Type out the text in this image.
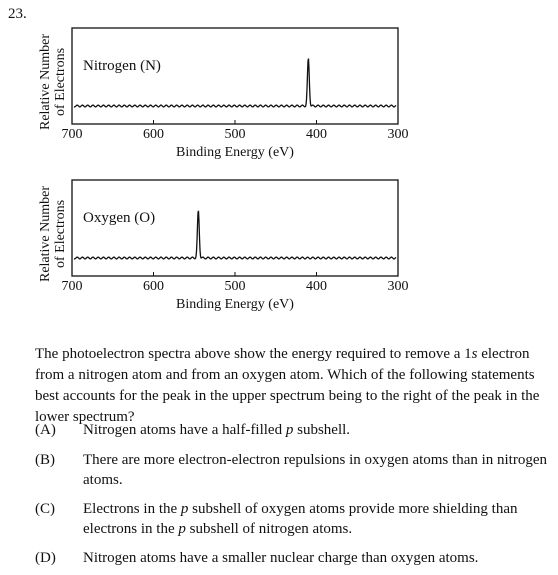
23.
700	600	500	400	300
Nitrogen (N)
Relative Number of Electrons
Binding Energy (eV)
700	600	500	400	300
Oxygen (O)
Relative Number of Electrons
Binding Energy (eV)

The photoelectron spectra above show the energy required to remove a 1s electron from a nitrogen atom and from an oxygen atom. Which of the following statements best accounts for the peak in the upper spectrum being to the right of the peak in the lower spectrum?

(A) Nitrogen atoms have a half-filled p subshell.
(B) There are more electron-electron repulsions in oxygen atoms than in nitrogen atoms.
(C) Electrons in the p subshell of oxygen atoms provide more shielding than electrons in the p subshell of nitrogen atoms.
(D) Nitrogen atoms have a smaller nuclear charge than oxygen atoms.
